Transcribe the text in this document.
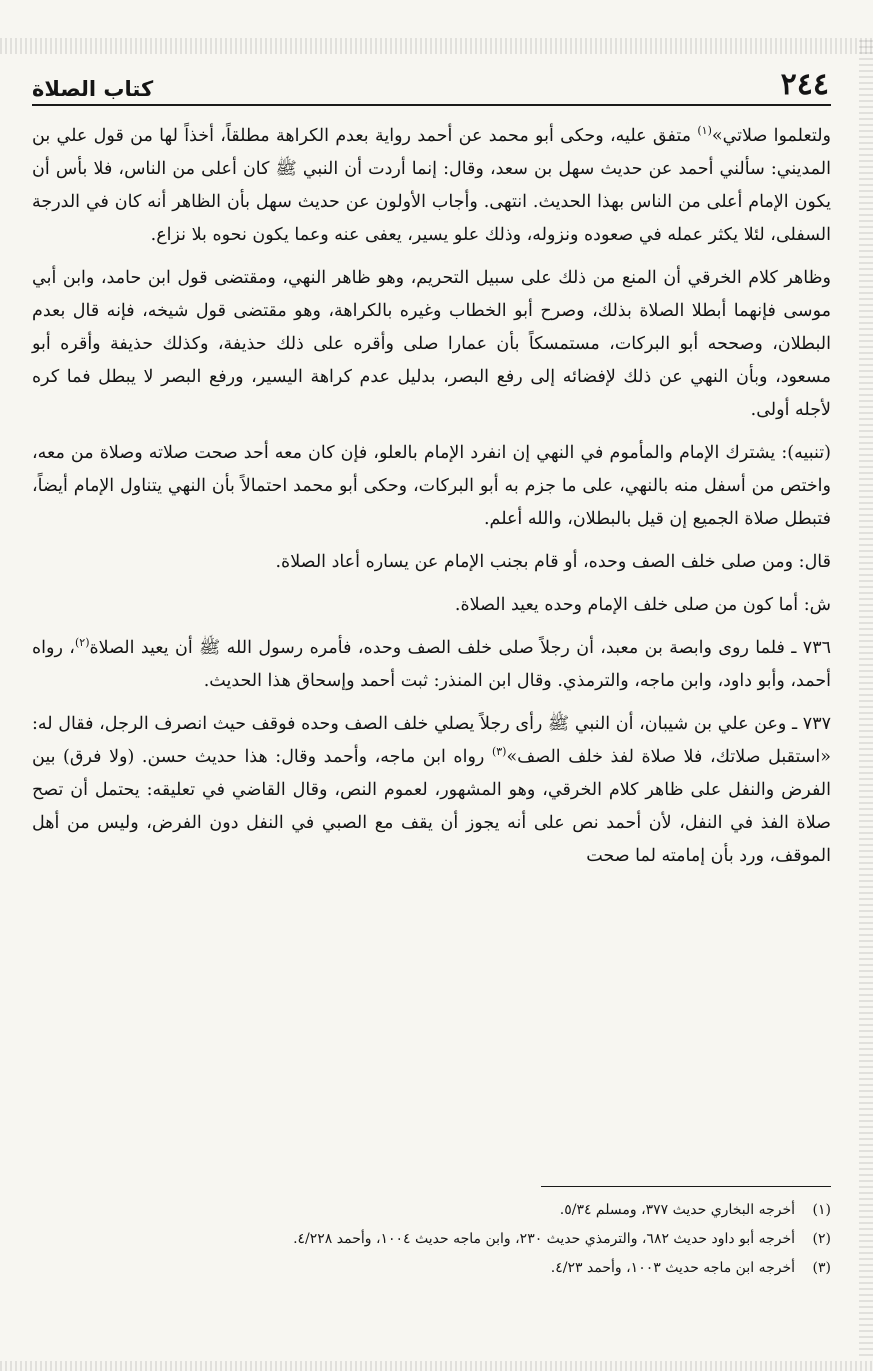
٢٤٤
كتاب الصلاة

ولتعلموا صلاتي»$^{(١)}$ متفق عليه، وحكى أبو محمد عن أحمد رواية بعدم الكراهة مطلقاً، أخذاً لها من قول علي بن المديني: سألني أحمد عن حديث سهل بن سعد، وقال: إنما أردت أن النبي ﷺ كان أعلى من الناس، فلا بأس أن يكون الإمام أعلى من الناس بهذا الحديث. انتهى. وأجاب الأولون عن حديث سهل بأن الظاهر أنه كان في الدرجة السفلى، لئلا يكثر عمله في صعوده ونزوله، وذلك علو يسير، يعفى عنه وعما يكون نحوه بلا نزاع.

وظاهر كلام الخرقي أن المنع من ذلك على سبيل التحريم، وهو ظاهر النهي، ومقتضى قول ابن حامد، وابن أبي موسى فإنهما أبطلا الصلاة بذلك، وصرح أبو الخطاب وغيره بالكراهة، وهو مقتضى قول شيخه، فإنه قال بعدم البطلان، وصححه أبو البركات، مستمسكاً بأن عمارا صلى وأقره على ذلك حذيفة، وكذلك حذيفة وأقره أبو مسعود، وبأن النهي عن ذلك لإفضائه إلى رفع البصر، بدليل عدم كراهة اليسير، ورفع البصر لا يبطل فما كره لأجله أولى.

(تنبيه): يشترك الإمام والمأموم في النهي إن انفرد الإمام بالعلو، فإن كان معه أحد صحت صلاته وصلاة من معه، واختص من أسفل منه بالنهي، على ما جزم به أبو البركات، وحكى أبو محمد احتمالاً بأن النهي يتناول الإمام أيضاً، فتبطل صلاة الجميع إن قيل بالبطلان، والله أعلم.

قال: ومن صلى خلف الصف وحده، أو قام بجنب الإمام عن يساره أعاد الصلاة.

ش: أما كون من صلى خلف الإمام وحده يعيد الصلاة.

٧٣٦ ـ فلما روى وابصة بن معبد، أن رجلاً صلى خلف الصف وحده، فأمره رسول الله ﷺ أن يعيد الصلاة$^{(٢)}$، رواه أحمد، وأبو داود، وابن ماجه، والترمذي. وقال ابن المنذر: ثبت أحمد وإسحاق هذا الحديث.

٧٣٧ ـ وعن علي بن شيبان، أن النبي ﷺ رأى رجلاً يصلي خلف الصف وحده فوقف حيث انصرف الرجل، فقال له: «استقبل صلاتك، فلا صلاة لفذ خلف الصف»$^{(٣)}$ رواه ابن ماجه، وأحمد وقال: هذا حديث حسن. (ولا فرق) بين الفرض والنفل على ظاهر كلام الخرقي، وهو المشهور، لعموم النص، وقال القاضي في تعليقه: يحتمل أن تصح صلاة الفذ في النفل، لأن أحمد نص على أنه يجوز أن يقف مع الصبي في النفل دون الفرض، وليس من أهل الموقف، ورد بأن إمامته لما صحت

(١)
أخرجه البخاري حديث ٣٧٧، ومسلم ٥/٣٤.
(٢)
أخرجه أبو داود حديث ٦٨٢، والترمذي حديث ٢٣٠، وابن ماجه حديث ١٠٠٤، وأحمد ٤/٢٢٨.
(٣)
أخرجه ابن ماجه حديث ١٠٠٣، وأحمد ٤/٢٣.
